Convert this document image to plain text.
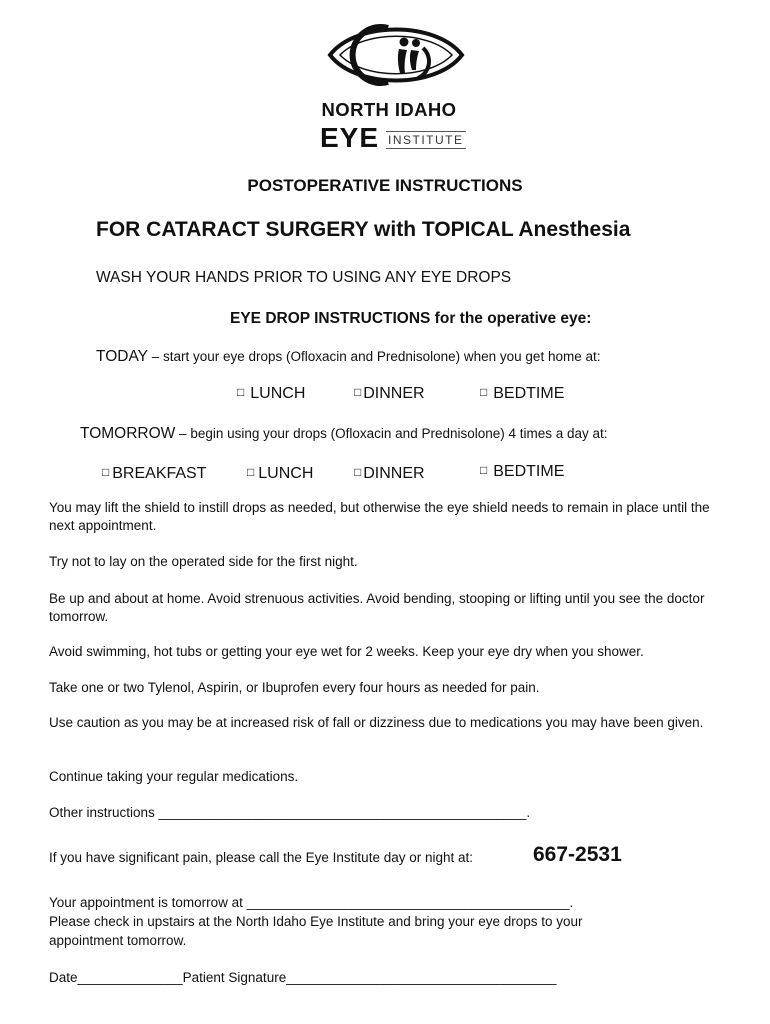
NORTH IDAHO
EYE INSTITUTE
POSTOPERATIVE INSTRUCTIONS
FOR CATARACT SURGERY with TOPICAL Anesthesia
WASH YOUR HANDS PRIOR TO USING ANY EYE DROPS
EYE DROP INSTRUCTIONS for the operative eye:
TODAY – start your eye drops (Ofloxacin and Prednisolone) when you get home at:
□ LUNCH	□ DINNER	□ BEDTIME
TOMORROW – begin using your drops (Ofloxacin and Prednisolone) 4 times a day at:
□ BREAKFAST	□ LUNCH	□ DINNER	□ BEDTIME
You may lift the shield to instill drops as needed, but otherwise the eye shield needs to remain in place until the next appointment.
Try not to lay on the operated side for the first night.
Be up and about at home. Avoid strenuous activities. Avoid bending, stooping or lifting until you see the doctor tomorrow.
Avoid swimming, hot tubs or getting your eye wet for 2 weeks. Keep your eye dry when you shower.
Take one or two Tylenol, Aspirin, or Ibuprofen every four hours as needed for pain.
Use caution as you may be at increased risk of fall or dizziness due to medications you may have been given.
Continue taking your regular medications.
Other instructions _________________________________________________.
If you have significant pain, please call the Eye Institute day or night at:	667-2531
Your appointment is tomorrow at ___________________________________________.
Please check in upstairs at the North Idaho Eye Institute and bring your eye drops to your
appointment tomorrow.
Date______________Patient Signature____________________________________
